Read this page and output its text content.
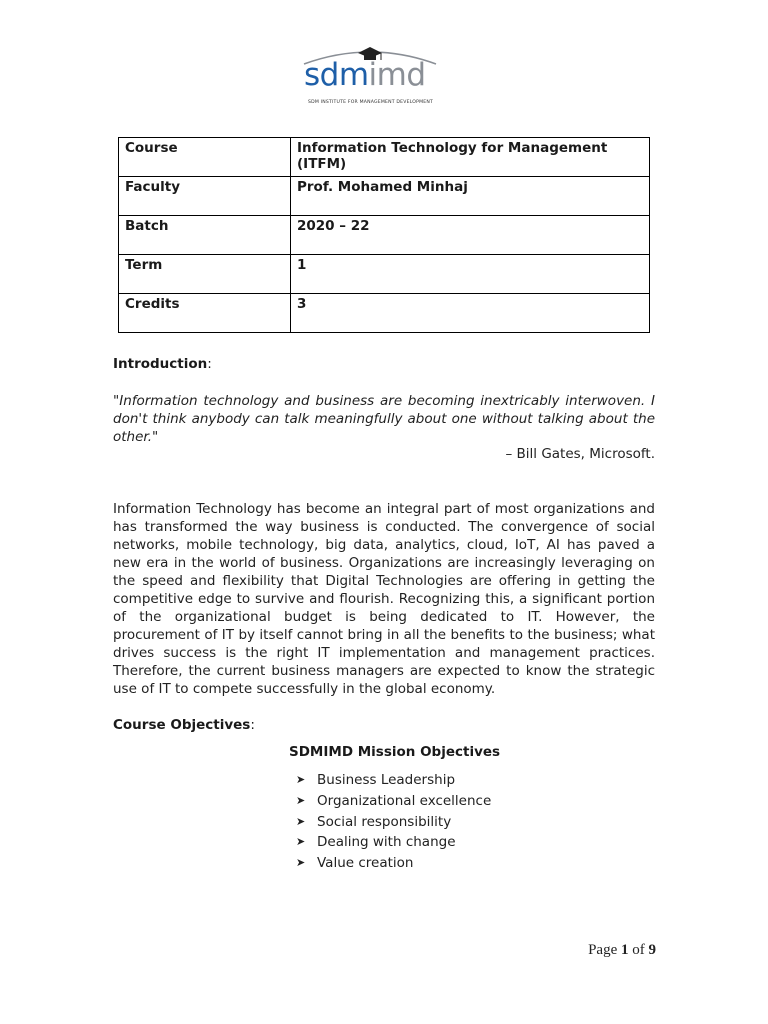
sdmimd
SDM INSTITUTE FOR MANAGEMENT DEVELOPMENT
Course	Information Technology for Management (ITFM)
Faculty	Prof. Mohamed Minhaj
Batch	2020 – 22
Term	1
Credits	3
Introduction:
"Information technology and business are becoming inextricably interwoven. I don't think anybody can talk meaningfully about one without talking about the other."
– Bill Gates, Microsoft.
Information Technology has become an integral part of most organizations and has transformed the way business is conducted. The convergence of social networks, mobile technology, big data, analytics, cloud, IoT, AI has paved a new era in the world of business. Organizations are increasingly leveraging on the speed and flexibility that Digital Technologies are offering in getting the competitive edge to survive and flourish. Recognizing this, a significant portion of the organizational budget is being dedicated to IT. However, the procurement of IT by itself cannot bring in all the benefits to the business; what drives success is the right IT implementation and management practices. Therefore, the current business managers are expected to know the strategic use of IT to compete successfully in the global economy.
Course Objectives:
SDMIMD Mission Objectives
➤ Business Leadership
➤ Organizational excellence
➤ Social responsibility
➤ Dealing with change
➤ Value creation
Page 1 of 9
